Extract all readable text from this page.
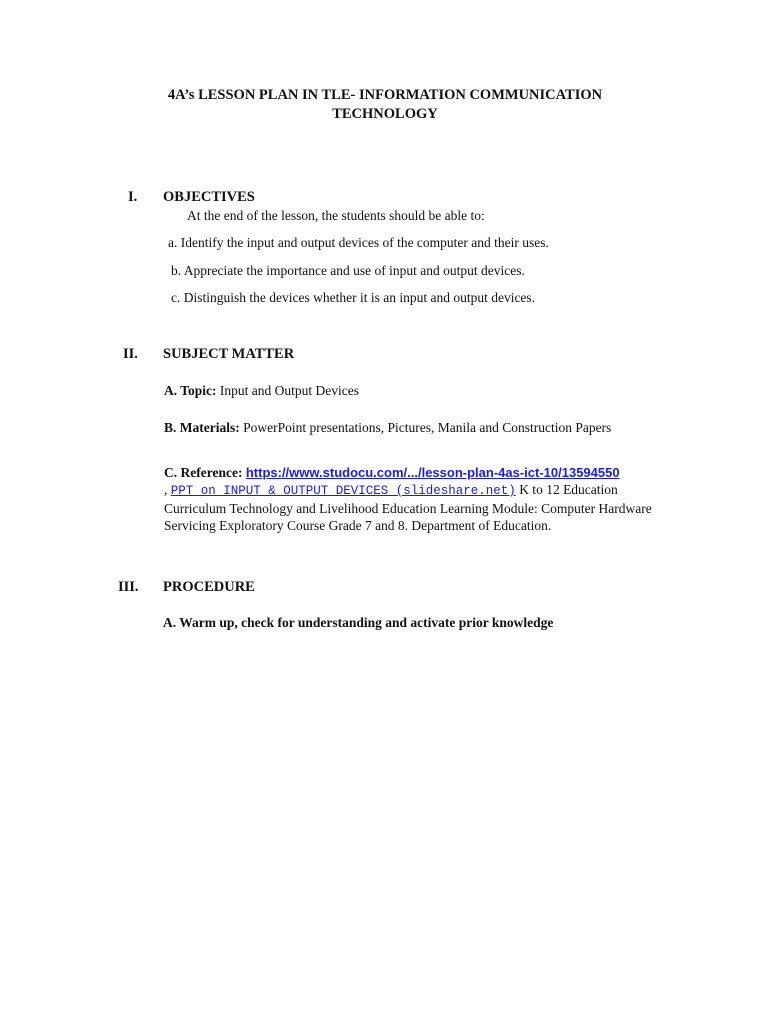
4A’s LESSON PLAN IN TLE- INFORMATION COMMUNICATION
TECHNOLOGY
I. OBJECTIVES
At the end of the lesson, the students should be able to:
a. Identify the input and output devices of the computer and their uses.
b. Appreciate the importance and use of input and output devices.
c. Distinguish the devices whether it is an input and output devices.
II. SUBJECT MATTER
A. Topic: Input and Output Devices
B. Materials: PowerPoint presentations, Pictures, Manila and Construction Papers
C. Reference: https://www.studocu.com/.../lesson-plan-4as-ict-10/13594550
, PPT on INPUT & OUTPUT DEVICES (slideshare.net) K to 12 Education Curriculum Technology and Livelihood Education Learning Module: Computer Hardware Servicing Exploratory Course Grade 7 and 8. Department of Education.
III. PROCEDURE
A. Warm up, check for understanding and activate prior knowledge
